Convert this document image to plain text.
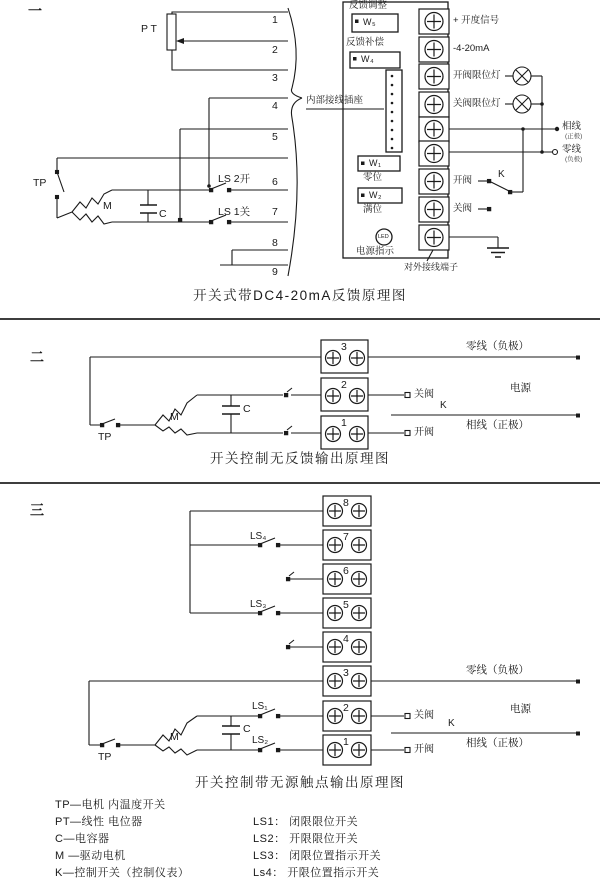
一
P T
TP
M
C
LS 2开
LS 1关
1
2
3
4
5
6
7
8
9
反馈调整
W₅
反馈补偿
W₄
内部接线插座
W₁
零位
W₂
满位
LED
电源指示
+ 开度信号
-4-20mA
开阀限位灯
关阀限位灯
开阀
关阀
K
相线
(正极)
零线
(负极)
对外接线端子
开关式带DC4-20mA反馈原理图
二
3
2
1
TP
M
C
关阀
开阀
K
零线（负极）
电源
相线（正极）
开关控制无反馈输出原理图
三	8
7
6
5
4
3
2
1
LS₄
LS₃
LS₁
LS₂
TP
M
C
关阀
开阀
K
零线（负极）
电源
相线（正极）
开关控制带无源触点输出原理图
TP—电机 内温度开关
PT—线性 电位器
C—电容器
M —驱动电机
K—控制开关（控制仪表）
LS1： 闭限限位开关
LS2： 开限限位开关
LS3： 闭限位置指示开关
Ls4： 开限位置指示开关
